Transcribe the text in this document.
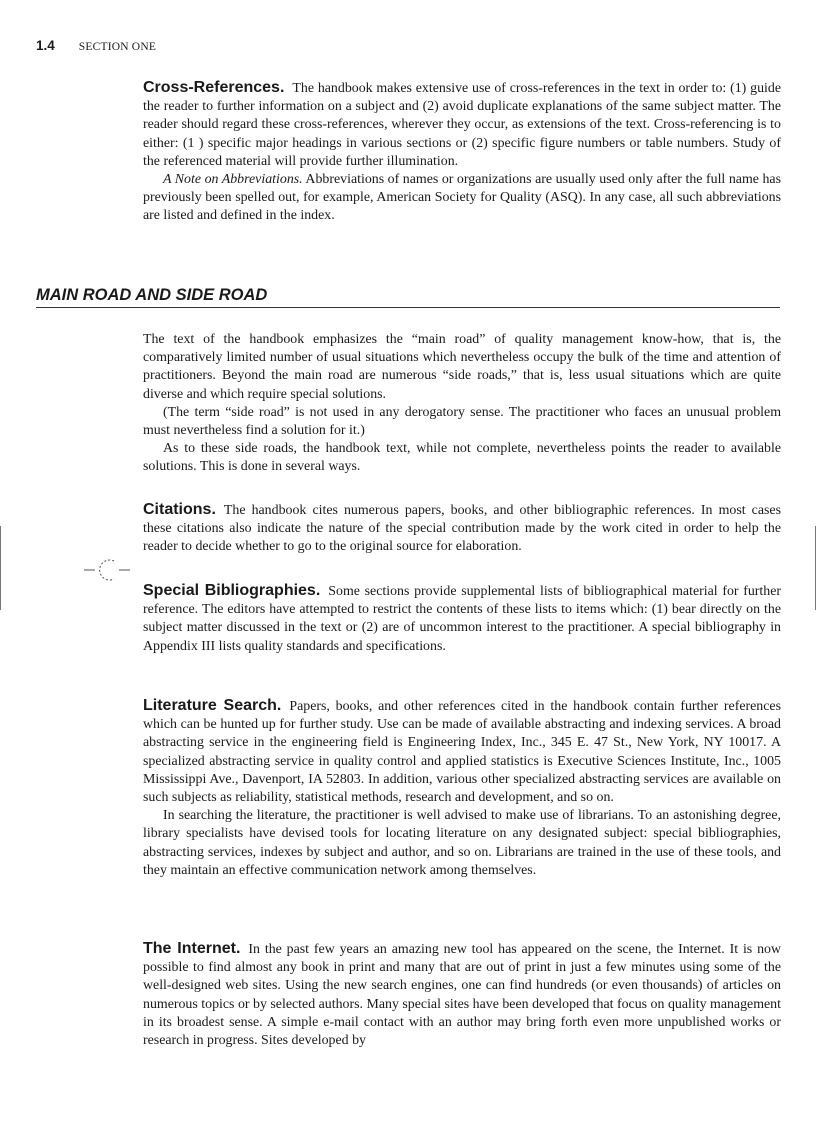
1.4 SECTION ONE

Cross-References. The handbook makes extensive use of cross-references in the text in order to: (1) guide the reader to further information on a subject and (2) avoid duplicate explanations of the same subject matter. The reader should regard these cross-references, wherever they occur, as extensions of the text. Cross-referencing is to either: (1 ) specific major headings in various sections or (2) specific figure numbers or table numbers. Study of the referenced material will provide further illumination.

A Note on Abbreviations. Abbreviations of names or organizations are usually used only after the full name has previously been spelled out, for example, American Society for Quality (ASQ). In any case, all such abbreviations are listed and defined in the index.

MAIN ROAD AND SIDE ROAD

The text of the handbook emphasizes the “main road” of quality management know-how, that is, the comparatively limited number of usual situations which nevertheless occupy the bulk of the time and attention of practitioners. Beyond the main road are numerous “side roads,” that is, less usual situations which are quite diverse and which require special solutions.

(The term “side road” is not used in any derogatory sense. The practitioner who faces an unusual problem must nevertheless find a solution for it.)

As to these side roads, the handbook text, while not complete, nevertheless points the reader to available solutions. This is done in several ways.

Citations. The handbook cites numerous papers, books, and other bibliographic references. In most cases these citations also indicate the nature of the special contribution made by the work cited in order to help the reader to decide whether to go to the original source for elaboration.

Special Bibliographies. Some sections provide supplemental lists of bibliographical material for further reference. The editors have attempted to restrict the contents of these lists to items which: (1) bear directly on the subject matter discussed in the text or (2) are of uncommon interest to the practitioner. A special bibliography in Appendix III lists quality standards and specifications.

Literature Search. Papers, books, and other references cited in the handbook contain further references which can be hunted up for further study. Use can be made of available abstracting and indexing services. A broad abstracting service in the engineering field is Engineering Index, Inc., 345 E. 47 St., New York, NY 10017. A specialized abstracting service in quality control and applied statistics is Executive Sciences Institute, Inc., 1005 Mississippi Ave., Davenport, IA 52803. In addition, various other specialized abstracting services are available on such subjects as reliability, statistical methods, research and development, and so on.

In searching the literature, the practitioner is well advised to make use of librarians. To an astonishing degree, library specialists have devised tools for locating literature on any designated subject: special bibliographies, abstracting services, indexes by subject and author, and so on. Librarians are trained in the use of these tools, and they maintain an effective communication network among themselves.

The Internet. In the past few years an amazing new tool has appeared on the scene, the Internet. It is now possible to find almost any book in print and many that are out of print in just a few minutes using some of the well-designed web sites. Using the new search engines, one can find hundreds (or even thousands) of articles on numerous topics or by selected authors. Many special sites have been developed that focus on quality management in its broadest sense. A simple e-mail contact with an author may bring forth even more unpublished works or research in progress. Sites developed by
